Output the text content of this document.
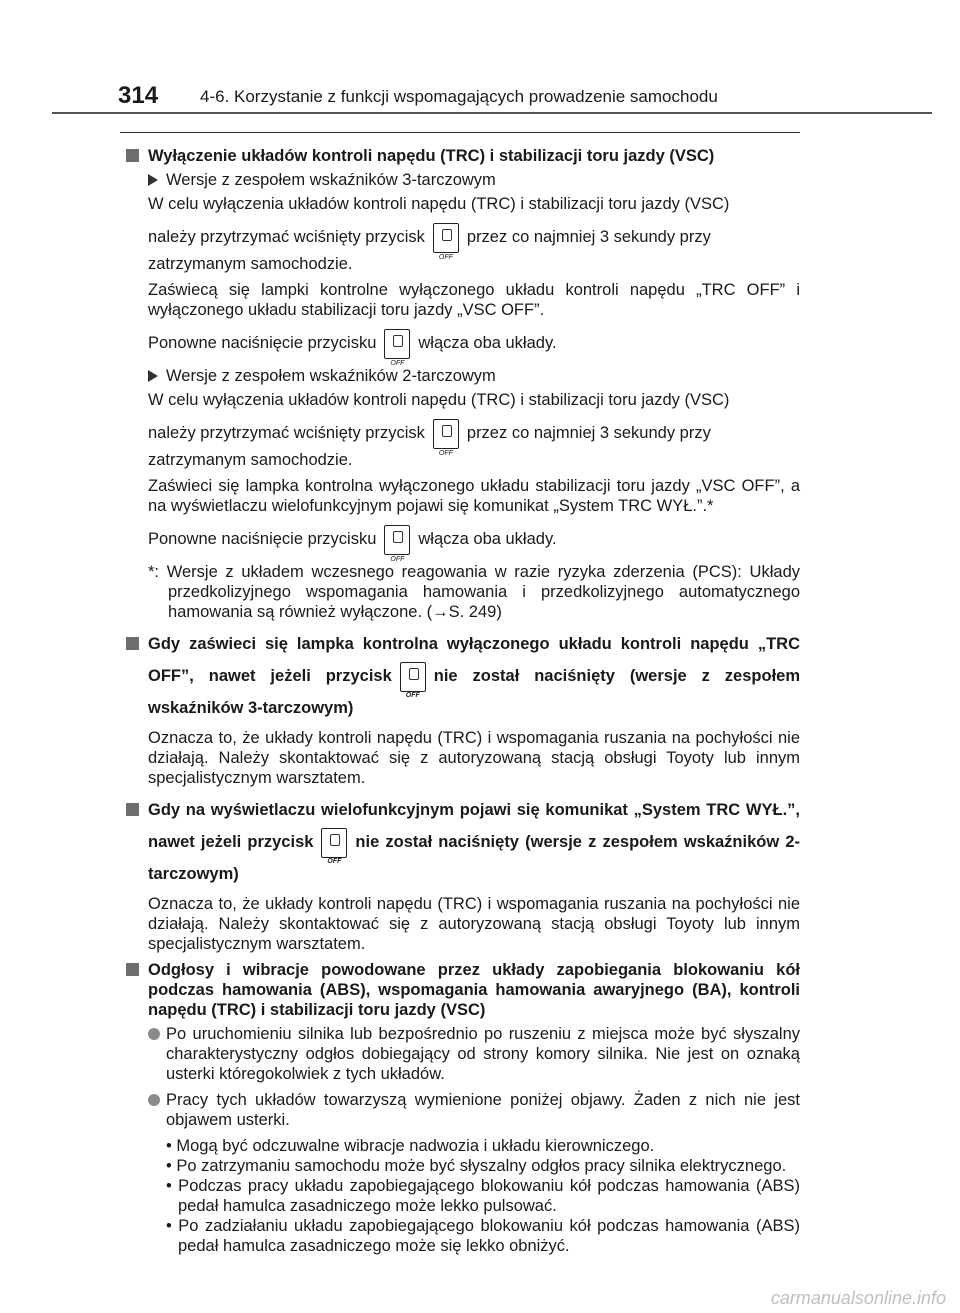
314 4-6. Korzystanie z funkcji wspomagających prowadzenie samochodu

Wyłączenie układów kontroli napędu (TRC) i stabilizacji toru jazdy (VSC)

Wersje z zespołem wskaźników 3-tarczowym

W celu wyłączenia układów kontroli napędu (TRC) i stabilizacji toru jazdy (VSC)

należy przytrzymać wciśnięty przycisk
OFF
przez co najmniej 3 sekundy przy

zatrzymanym samochodzie.

Zaświecą się lampki kontrolne wyłączonego układu kontroli napędu „TRC OFF” i wyłączonego układu stabilizacji toru jazdy „VSC OFF”.

Ponowne naciśnięcie przycisku
OFF
włącza oba układy.

Wersje z zespołem wskaźników 2-tarczowym

W celu wyłączenia układów kontroli napędu (TRC) i stabilizacji toru jazdy (VSC)

należy przytrzymać wciśnięty przycisk
OFF
przez co najmniej 3 sekundy przy

zatrzymanym samochodzie.

Zaświeci się lampka kontrolna wyłączonego układu stabilizacji toru jazdy „VSC OFF”, a na wyświetlaczu wielofunkcyjnym pojawi się komunikat „System TRC WYŁ.”.*

Ponowne naciśnięcie przycisku
OFF
włącza oba układy.

*: Wersje z układem wczesnego reagowania w razie ryzyka zderzenia (PCS): Układy przedkolizyjnego wspomagania hamowania i przedkolizyjnego automatycznego hamowania są również wyłączone. (→S. 249)

Gdy zaświeci się lampka kontrolna wyłączonego układu kontroli napędu „TRC OFF”, nawet jeżeli przycisk
OFF
nie został naciśnięty (wersje z zespołem wskaźników 3-tarczowym)

Oznacza to, że układy kontroli napędu (TRC) i wspomagania ruszania na pochyłości nie działają. Należy skontaktować się z autoryzowaną stacją obsługi Toyoty lub innym specjalistycznym warsztatem.

Gdy na wyświetlaczu wielofunkcyjnym pojawi się komunikat „System TRC WYŁ.”, nawet jeżeli przycisk
OFF
nie został naciśnięty (wersje z zespołem wskaźników 2-tarczowym)

Oznacza to, że układy kontroli napędu (TRC) i wspomagania ruszania na pochyłości nie działają. Należy skontaktować się z autoryzowaną stacją obsługi Toyoty lub innym specjalistycznym warsztatem.

Odgłosy i wibracje powodowane przez układy zapobiegania blokowaniu kół podczas hamowania (ABS), wspomagania hamowania awaryjnego (BA), kontroli napędu (TRC) i stabilizacji toru jazdy (VSC)

Po uruchomieniu silnika lub bezpośrednio po ruszeniu z miejsca może być słyszalny charakterystyczny odgłos dobiegający od strony komory silnika. Nie jest on oznaką usterki któregokolwiek z tych układów.

Pracy tych układów towarzyszą wymienione poniżej objawy. Żaden z nich nie jest objawem usterki.

• Mogą być odczuwalne wibracje nadwozia i układu kierowniczego.

• Po zatrzymaniu samochodu może być słyszalny odgłos pracy silnika elektrycznego.

• Podczas pracy układu zapobiegającego blokowaniu kół podczas hamowania (ABS) pedał hamulca zasadniczego może lekko pulsować.

• Po zadziałaniu układu zapobiegającego blokowaniu kół podczas hamowania (ABS) pedał hamulca zasadniczego może się lekko obniżyć.

carmanualsonline.info
